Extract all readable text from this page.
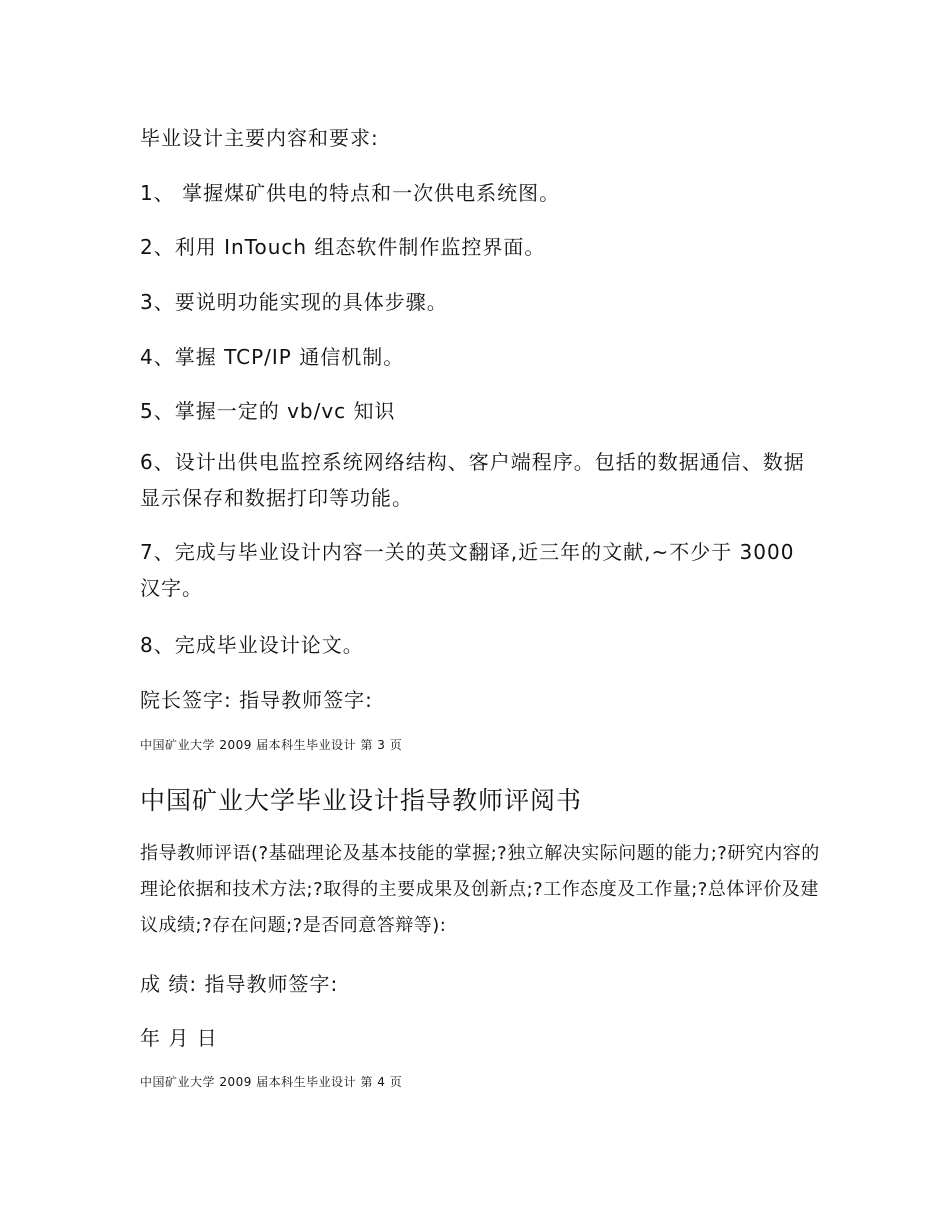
毕业设计主要内容和要求:
1、 掌握煤矿供电的特点和一次供电系统图。
2、利用 InTouch 组态软件制作监控界面。
3、要说明功能实现的具体步骤。
4、掌握 TCP/IP 通信机制。
5、掌握一定的 vb/vc 知识
6、设计出供电监控系统网络结构、客户端程序。包括的数据通信、数据显示保存和数据打印等功能。
7、完成与毕业设计内容一关的英文翻译,近三年的文献,~不少于 3000 汉字。
8、完成毕业设计论文。
院长签字: 指导教师签字:
中国矿业大学 2009 届本科生毕业设计 第 3 页
中国矿业大学毕业设计指导教师评阅书
指导教师评语(?基础理论及基本技能的掌握;?独立解决实际问题的能力;?研究内容的理论依据和技术方法;?取得的主要成果及创新点;?工作态度及工作量;?总体评价及建议成绩;?存在问题;?是否同意答辩等):
成 绩: 指导教师签字:
年 月 日
中国矿业大学 2009 届本科生毕业设计 第 4 页
